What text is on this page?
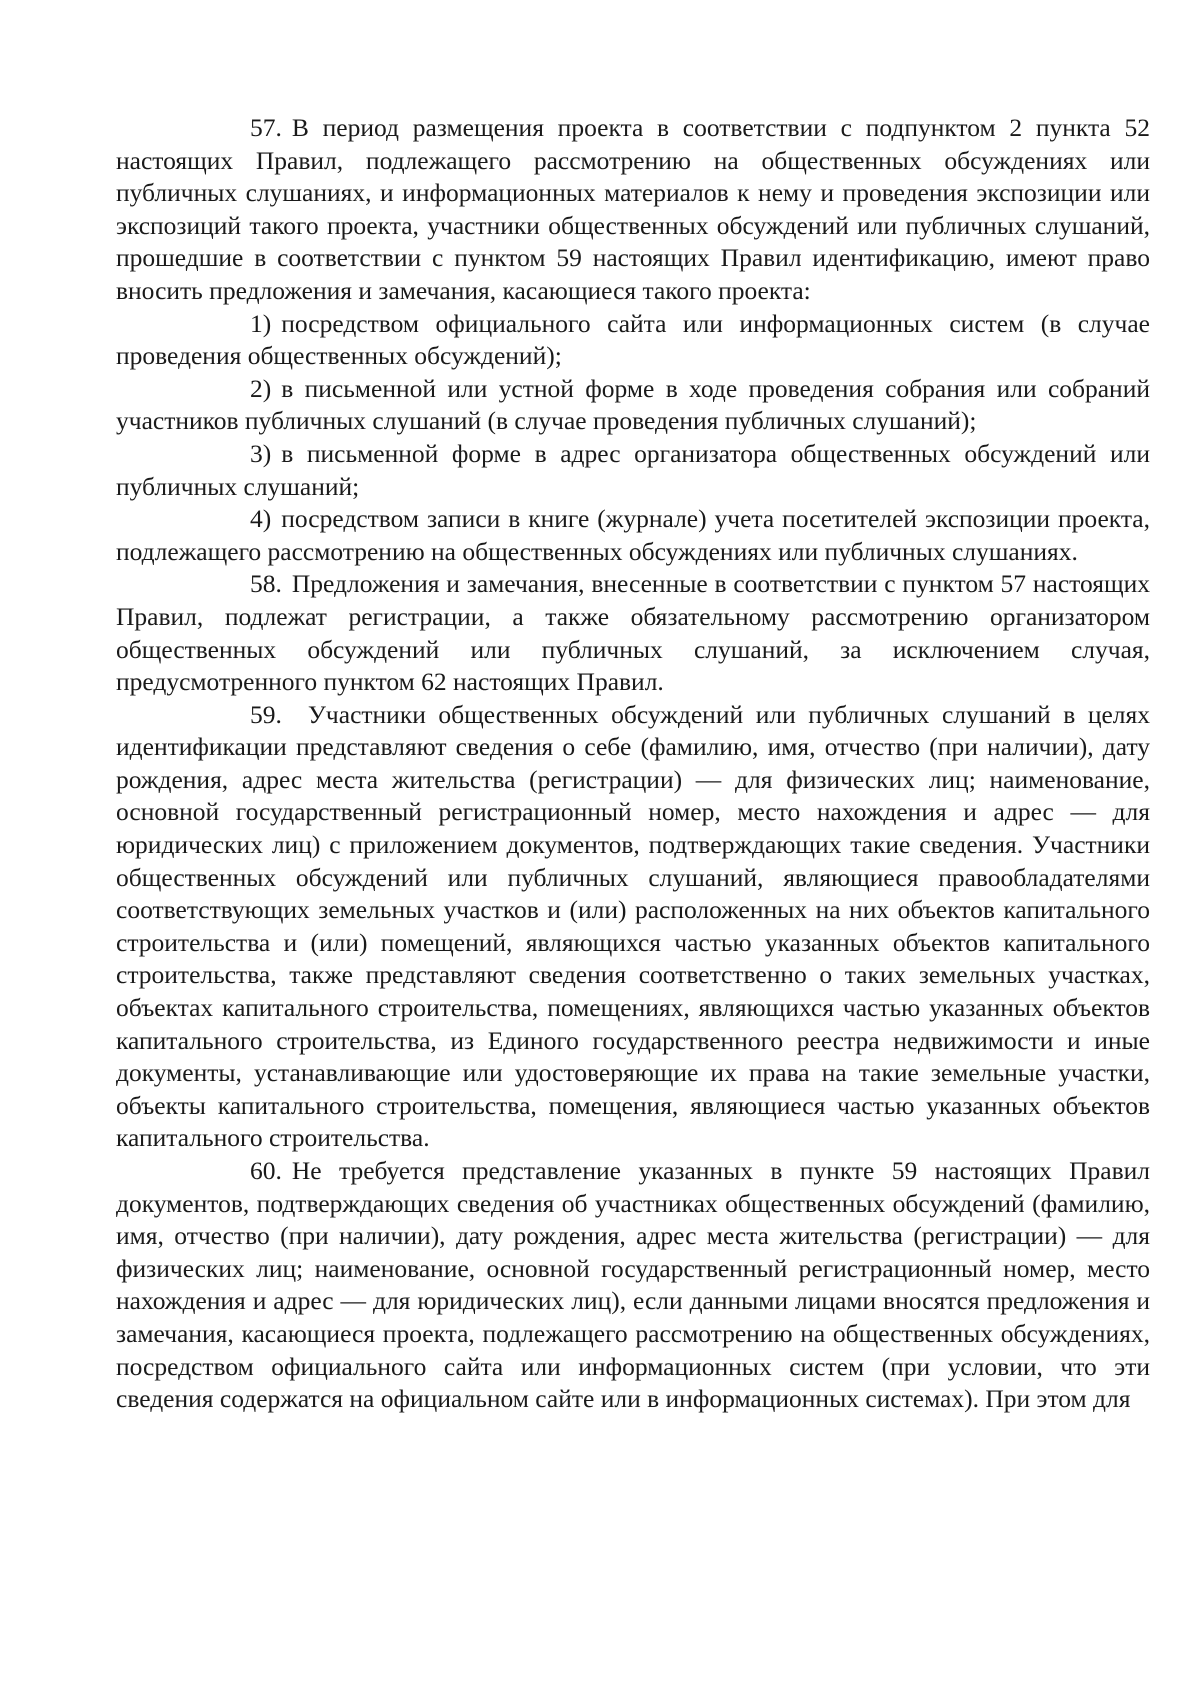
57. В период размещения проекта в соответствии с подпунктом 2 пункта 52 настоящих Правил, подлежащего рассмотрению на общественных обсуждениях или публичных слушаниях, и информационных материалов к нему и проведения экспозиции или экспозиций такого проекта, участники общественных обсуждений или публичных слушаний, прошедшие в соответствии с пунктом 59 настоящих Правил идентификацию, имеют право вносить предложения и замечания, касающиеся такого проекта:

1) посредством официального сайта или информационных систем (в случае проведения общественных обсуждений);

2) в письменной или устной форме в ходе проведения собрания или собраний участников публичных слушаний (в случае проведения публичных слушаний);

3) в письменной форме в адрес организатора общественных обсуждений или публичных слушаний;

4) посредством записи в книге (журнале) учета посетителей экспозиции проекта, подлежащего рассмотрению на общественных обсуждениях или публичных слушаниях.

58. Предложения и замечания, внесенные в соответствии с пунктом 57 настоящих Правил, подлежат регистрации, а также обязательному рассмотрению организатором общественных обсуждений или публичных слушаний, за исключением случая, предусмотренного пунктом 62 настоящих Правил.

59. Участники общественных обсуждений или публичных слушаний в целях идентификации представляют сведения о себе (фамилию, имя, отчество (при наличии), дату рождения, адрес места жительства (регистрации) — для физических лиц; наименование, основной государственный регистрационный номер, место нахождения и адрес — для юридических лиц) с приложением документов, подтверждающих такие сведения. Участники общественных обсуждений или публичных слушаний, являющиеся правообладателями соответствующих земельных участков и (или) расположенных на них объектов капитального строительства и (или) помещений, являющихся частью указанных объектов капитального строительства, также представляют сведения соответственно о таких земельных участках, объектах капитального строительства, помещениях, являющихся частью указанных объектов капитального строительства, из Единого государственного реестра недвижимости и иные документы, устанавливающие или удостоверяющие их права на такие земельные участки, объекты капитального строительства, помещения, являющиеся частью указанных объектов капитального строительства.

60. Не требуется представление указанных в пункте 59 настоящих Правил документов, подтверждающих сведения об участниках общественных обсуждений (фамилию, имя, отчество (при наличии), дату рождения, адрес места жительства (регистрации) — для физических лиц; наименование, основной государственный регистрационный номер, место нахождения и адрес — для юридических лиц), если данными лицами вносятся предложения и замечания, касающиеся проекта, подлежащего рассмотрению на общественных обсуждениях, посредством официального сайта или информационных систем (при условии, что эти сведения содержатся на официальном сайте или в информационных системах). При этом для
